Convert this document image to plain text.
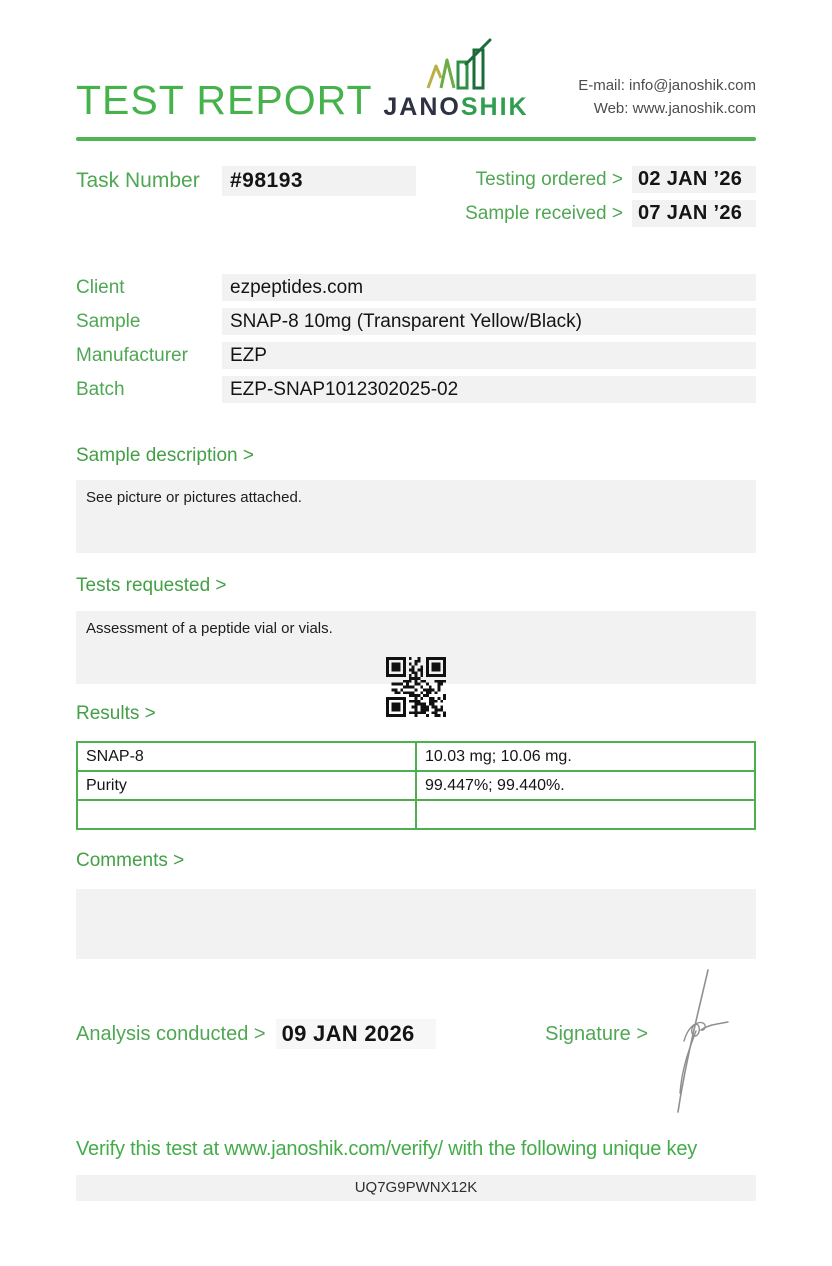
TEST REPORT JANOSHIK
E-mail: info@janoshik.com
Web: www.janoshik.com
Task Number	#98193	Testing ordered > 02 JAN ’26
Sample received > 07 JAN ’26
Client	ezpeptides.com
Sample	SNAP-8 10mg (Transparent Yellow/Black)
Manufacturer	EZP
Batch	EZP-SNAP1012302025-02
Sample description >
See picture or pictures attached.
Tests requested >
Assessment of a peptide vial or vials.
Results >
SNAP-8	10.03 mg; 10.06 mg.
Purity	99.447%; 99.440%.

Comments >
Analysis conducted > 09 JAN 2026	Signature >
Verify this test at www.janoshik.com/verify/ with the following unique key
UQ7G9PWNX12K
